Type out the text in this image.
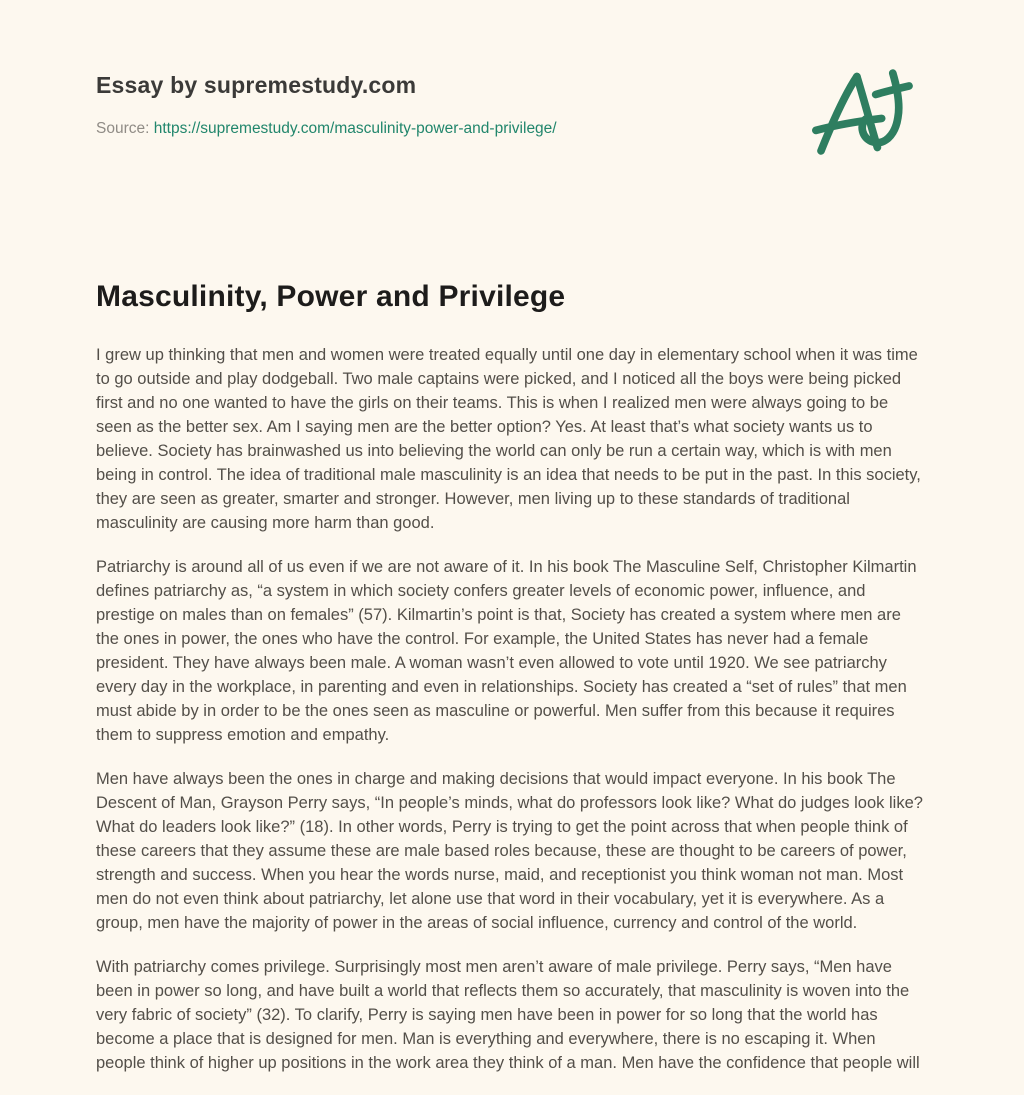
Essay by supremestudy.com
Source: https://supremestudy.com/masculinity-power-and-privilege/
Masculinity, Power and Privilege

I grew up thinking that men and women were treated equally until one day in elementary school when it was time to go outside and play dodgeball. Two male captains were picked, and I noticed all the boys were being picked first and no one wanted to have the girls on their teams. This is when I realized men were always going to be seen as the better sex. Am I saying men are the better option? Yes. At least that’s what society wants us to believe. Society has brainwashed us into believing the world can only be run a certain way, which is with men being in control. The idea of traditional male masculinity is an idea that needs to be put in the past. In this society, they are seen as greater, smarter and stronger. However, men living up to these standards of traditional masculinity are causing more harm than good.

Patriarchy is around all of us even if we are not aware of it. In his book The Masculine Self, Christopher Kilmartin defines patriarchy as, “a system in which society confers greater levels of economic power, influence, and prestige on males than on females” (57). Kilmartin’s point is that, Society has created a system where men are the ones in power, the ones who have the control. For example, the United States has never had a female president. They have always been male. A woman wasn’t even allowed to vote until 1920. We see patriarchy every day in the workplace, in parenting and even in relationships. Society has created a “set of rules” that men must abide by in order to be the ones seen as masculine or powerful. Men suffer from this because it requires them to suppress emotion and empathy.

Men have always been the ones in charge and making decisions that would impact everyone. In his book The Descent of Man, Grayson Perry says, “In people’s minds, what do professors look like? What do judges look like? What do leaders look like?” (18). In other words, Perry is trying to get the point across that when people think of these careers that they assume these are male based roles because, these are thought to be careers of power, strength and success. When you hear the words nurse, maid, and receptionist you think woman not man. Most men do not even think about patriarchy, let alone use that word in their vocabulary, yet it is everywhere. As a group, men have the majority of power in the areas of social influence, currency and control of the world.

With patriarchy comes privilege. Surprisingly most men aren’t aware of male privilege. Perry says, “Men have been in power so long, and have built a world that reflects them so accurately, that masculinity is woven into the very fabric of society” (32). To clarify, Perry is saying men have been in power for so long that the world has become a place that is designed for men. Man is everything and everywhere, there is no escaping it. When people think of higher up positions in the work area they think of a man. Men have the confidence that people will
